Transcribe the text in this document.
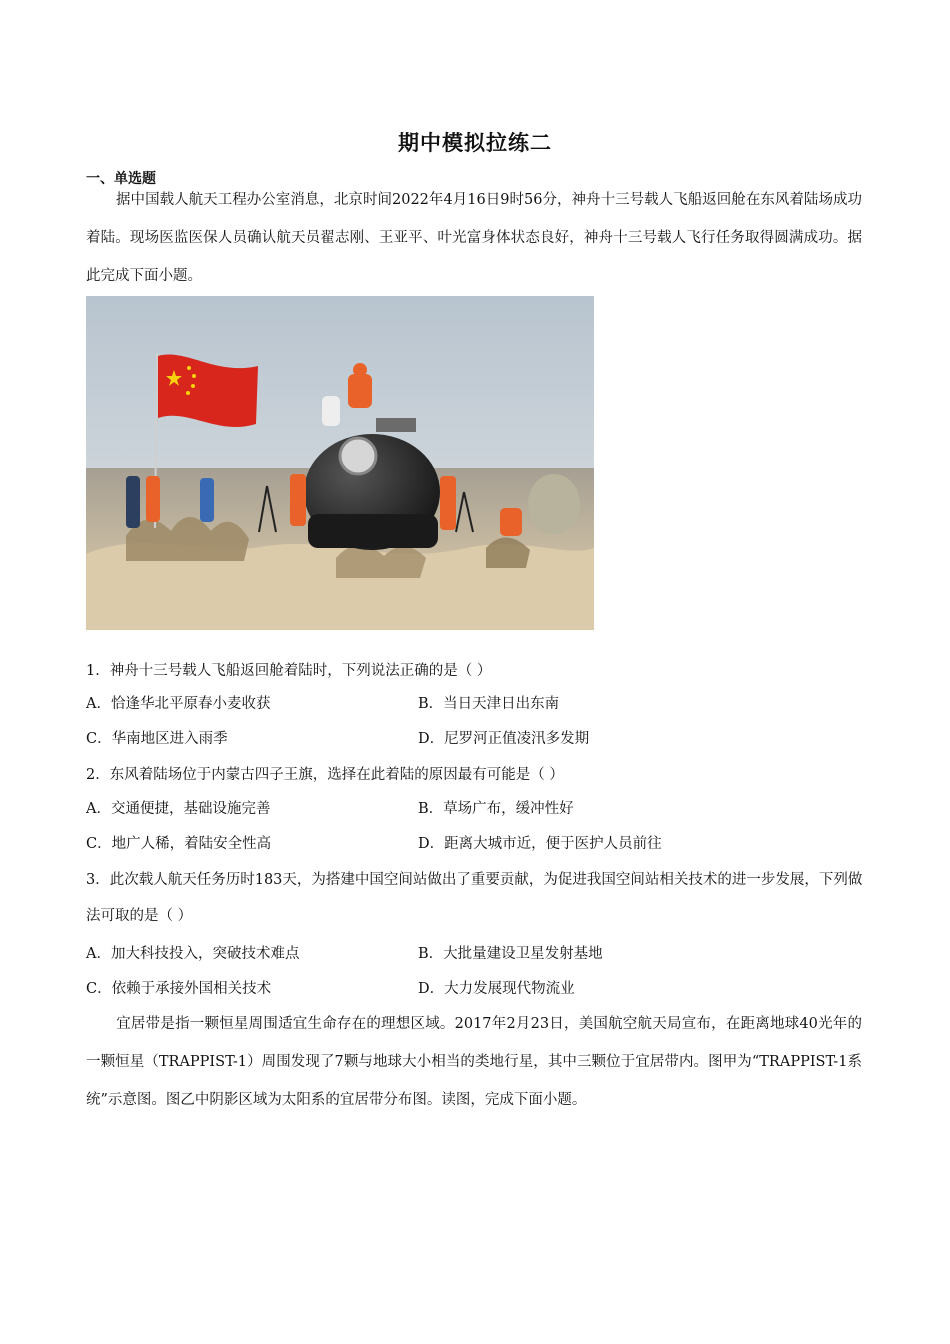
期中模拟拉练二
一、单选题
据中国载人航天工程办公室消息，北京时间2022年4月16日9时56分，神舟十三号载人飞船返回舱在东风着陆场成功着陆。现场医监医保人员确认航天员翟志刚、王亚平、叶光富身体状态良好，神舟十三号载人飞行任务取得圆满成功。据此完成下面小题。
1．神舟十三号载人飞船返回舱着陆时，下列说法正确的是（ ）
A．恰逢华北平原春小麦收获	B．当日天津日出东南
C．华南地区进入雨季	D．尼罗河正值凌汛多发期
2．东风着陆场位于内蒙古四子王旗，选择在此着陆的原因最有可能是（ ）
A．交通便捷，基础设施完善	B．草场广布，缓冲性好
C．地广人稀，着陆安全性高	D．距离大城市近，便于医护人员前往
3．此次载人航天任务历时183天，为搭建中国空间站做出了重要贡献，为促进我国空间站相关技术的进一步发展，下列做法可取的是（ ）
A．加大科技投入，突破技术难点	B．大批量建设卫星发射基地
C．依赖于承接外国相关技术	D．大力发展现代物流业
宜居带是指一颗恒星周围适宜生命存在的理想区域。2017年2月23日，美国航空航天局宣布，在距离地球40光年的一颗恒星（TRAPPIST-1）周围发现了7颗与地球大小相当的类地行星，其中三颗位于宜居带内。图甲为“TRAPPIST-1系统”示意图。图乙中阴影区域为太阳系的宜居带分布图。读图，完成下面小题。
